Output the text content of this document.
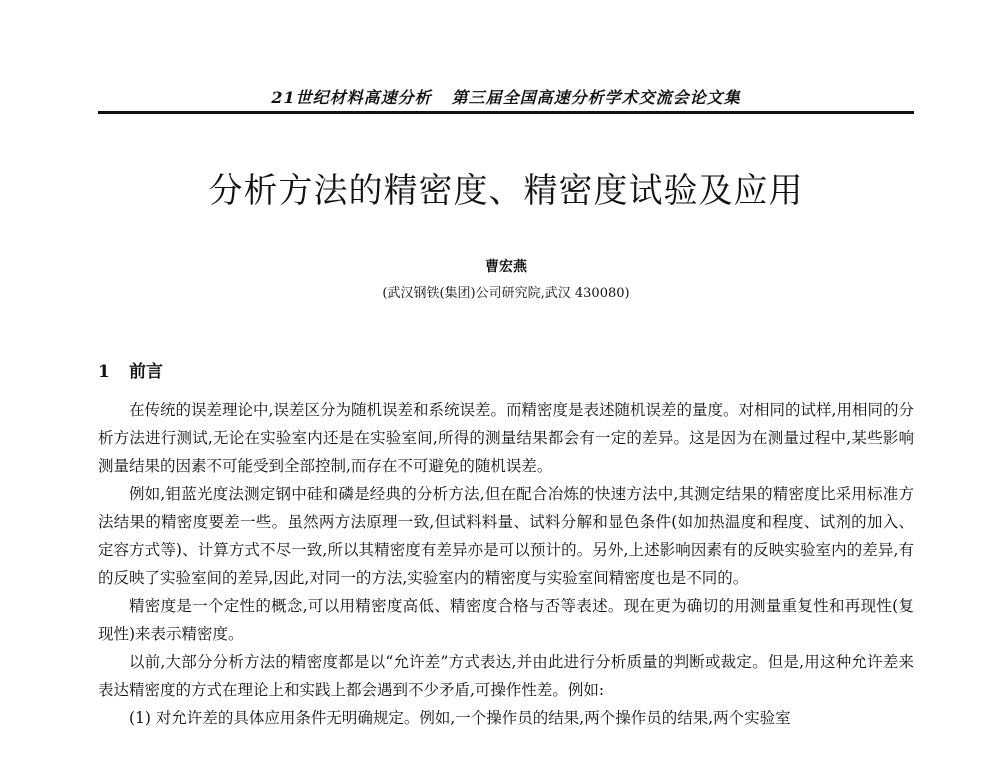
21世纪材料高速分析 第三届全国高速分析学术交流会论文集
分析方法的精密度、精密度试验及应用
曹宏燕
(武汉钢铁(集团)公司研究院,武汉 430080)
1 前言

在传统的误差理论中,误差区分为随机误差和系统误差。而精密度是表述随机误差的量度。对相同的试样,用相同的分析方法进行测试,无论在实验室内还是在实验室间,所得的测量结果都会有一定的差异。这是因为在测量过程中,某些影响测量结果的因素不可能受到全部控制,而存在不可避免的随机误差。

例如,钼蓝光度法测定钢中硅和磷是经典的分析方法,但在配合冶炼的快速方法中,其测定结果的精密度比采用标准方法结果的精密度要差一些。虽然两方法原理一致,但试料料量、试料分解和显色条件(如加热温度和程度、试剂的加入、定容方式等)、计算方式不尽一致,所以其精密度有差异亦是可以预计的。另外,上述影响因素有的反映实验室内的差异,有的反映了实验室间的差异,因此,对同一的方法,实验室内的精密度与实验室间精密度也是不同的。

精密度是一个定性的概念,可以用精密度高低、精密度合格与否等表述。现在更为确切的用测量重复性和再现性(复现性)来表示精密度。

以前,大部分分析方法的精密度都是以“允许差”方式表达,并由此进行分析质量的判断或裁定。但是,用这种允许差来表达精密度的方式在理论上和实践上都会遇到不少矛盾,可操作性差。例如:

(1) 对允许差的具体应用条件无明确规定。例如,一个操作员的结果,两个操作员的结果,两个实验室
